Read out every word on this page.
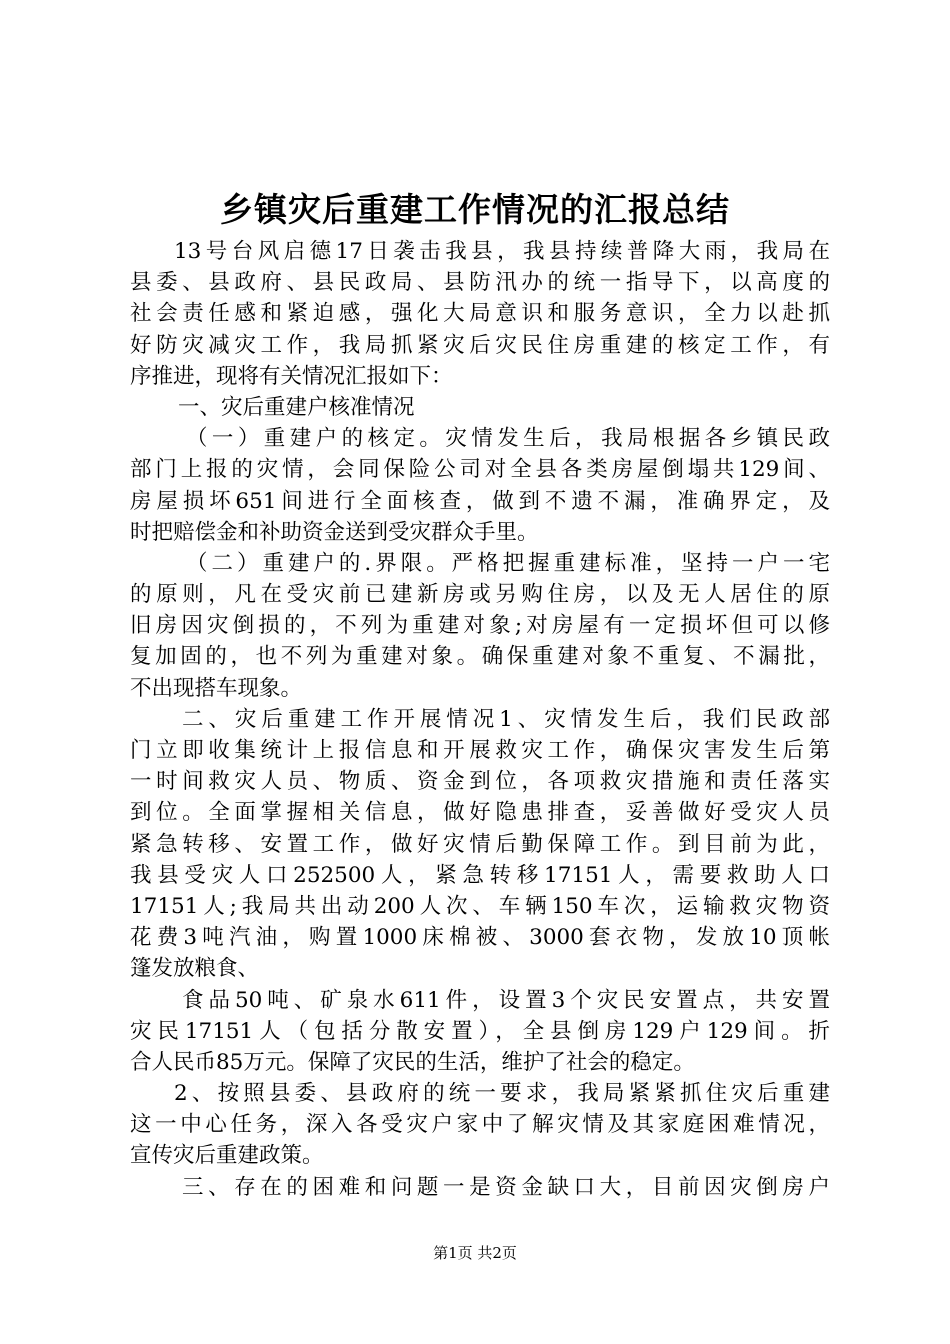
乡镇灾后重建工作情况的汇报总结
13号台风启德17日袭击我县，我县持续普降大雨，我局在
县委、县政府、县民政局、县防汛办的统一指导下，以高度的
社会责任感和紧迫感，强化大局意识和服务意识，全力以赴抓
好防灾减灾工作，我局抓紧灾后灾民住房重建的核定工作，有
序推进，现将有关情况汇报如下：
一、灾后重建户核准情况
（一）重建户的核定。灾情发生后，我局根据各乡镇民政
部门上报的灾情，会同保险公司对全县各类房屋倒塌共129间、
房屋损坏651间进行全面核查，做到不遗不漏，准确界定，及
时把赔偿金和补助资金送到受灾群众手里。
（二）重建户的.界限。严格把握重建标准，坚持一户一宅
的原则，凡在受灾前已建新房或另购住房，以及无人居住的原
旧房因灾倒损的，不列为重建对象;对房屋有一定损坏但可以修
复加固的，也不列为重建对象。确保重建对象不重复、不漏批，
不出现搭车现象。
二、灾后重建工作开展情况1、灾情发生后，我们民政部
门立即收集统计上报信息和开展救灾工作，确保灾害发生后第
一时间救灾人员、物质、资金到位，各项救灾措施和责任落实
到位。全面掌握相关信息，做好隐患排查，妥善做好受灾人员
紧急转移、安置工作，做好灾情后勤保障工作。到目前为此，
我县受灾人口252500人，紧急转移17151人，需要救助人口
17151人;我局共出动200人次、车辆150车次，运输救灾物资
花费3吨汽油，购置1000床棉被、3000套衣物，发放10顶帐
篷发放粮食、
食品50吨、矿泉水611件，设置3个灾民安置点，共安置
灾民17151人（包括分散安置），全县倒房129户129间。折
合人民币85万元。保障了灾民的生活，维护了社会的稳定。
2、按照县委、县政府的统一要求，我局紧紧抓住灾后重建
这一中心任务，深入各受灾户家中了解灾情及其家庭困难情况，
宣传灾后重建政策。
三、存在的困难和问题一是资金缺口大，目前因灾倒房户
第1页 共2页
